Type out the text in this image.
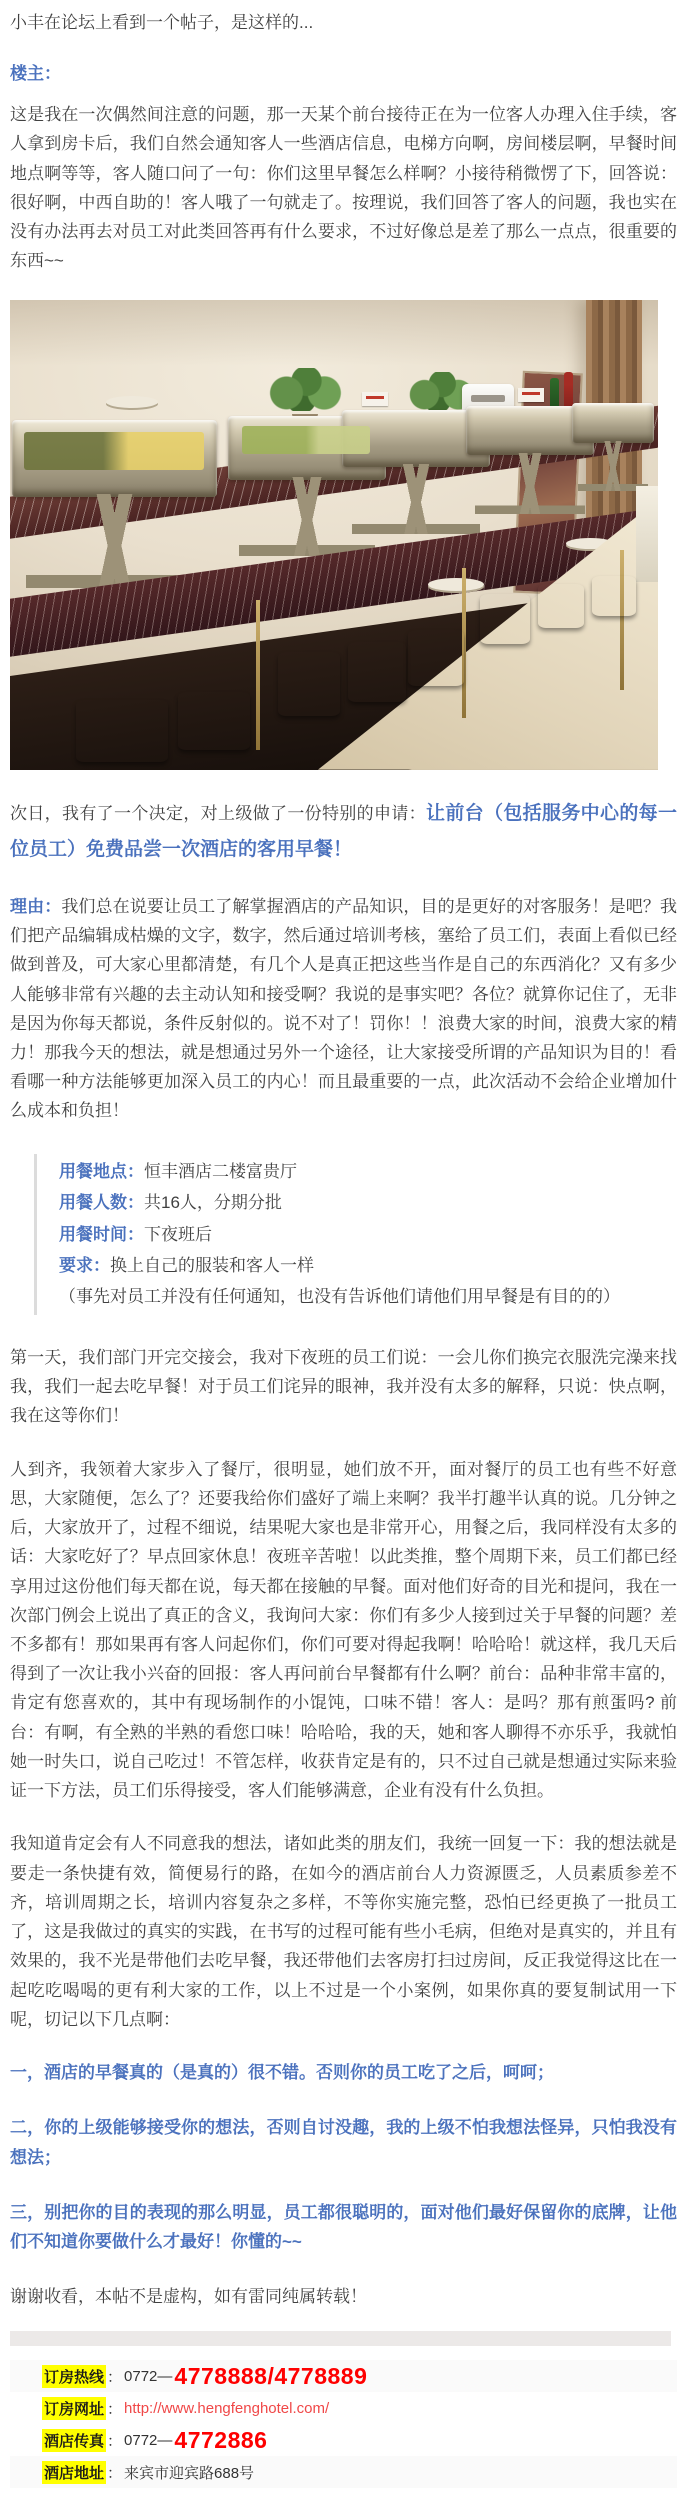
小丰在论坛上看到一个帖子，是这样的...

楼主：

这是我在一次偶然间注意的问题，那一天某个前台接待正在为一位客人办理入住手续，客人拿到房卡后，我们自然会通知客人一些酒店信息，电梯方向啊，房间楼层啊，早餐时间地点啊等等，客人随口问了一句：你们这里早餐怎么样啊？小接待稍微愣了下，回答说：很好啊，中西自助的！客人哦了一句就走了。按理说，我们回答了客人的问题，我也实在没有办法再去对员工对此类回答再有什么要求，不过好像总是差了那么一点点，很重要的东西~~

次日，我有了一个决定，对上级做了一份特别的申请：让前台（包括服务中心的每一位员工）免费品尝一次酒店的客用早餐！

理由：我们总在说要让员工了解掌握酒店的产品知识，目的是更好的对客服务！是吧？我们把产品编辑成枯燥的文字，数字，然后通过培训考核，塞给了员工们，表面上看似已经做到普及，可大家心里都清楚，有几个人是真正把这些当作是自己的东西消化？又有多少人能够非常有兴趣的去主动认知和接受啊？我说的是事实吧？各位？就算你记住了，无非是因为你每天都说，条件反射似的。说不对了！罚你！！浪费大家的时间，浪费大家的精力！那我今天的想法，就是想通过另外一个途径，让大家接受所谓的产品知识为目的！看看哪一种方法能够更加深入员工的内心！而且最重要的一点，此次活动不会给企业增加什么成本和负担！

用餐地点：恒丰酒店二楼富贵厅
用餐人数：共16人，分期分批
用餐时间：下夜班后
要求：换上自己的服装和客人一样
（事先对员工并没有任何通知，也没有告诉他们请他们用早餐是有目的的）

第一天，我们部门开完交接会，我对下夜班的员工们说：一会儿你们换完衣服洗完澡来找我，我们一起去吃早餐！对于员工们诧异的眼神，我并没有太多的解释，只说：快点啊，我在这等你们！

人到齐，我领着大家步入了餐厅，很明显，她们放不开，面对餐厅的员工也有些不好意思，大家随便，怎么了？还要我给你们盛好了端上来啊？我半打趣半认真的说。几分钟之后，大家放开了，过程不细说，结果呢大家也是非常开心，用餐之后，我同样没有太多的话：大家吃好了？早点回家休息！夜班辛苦啦！以此类推，整个周期下来，员工们都已经享用过这份他们每天都在说，每天都在接触的早餐。面对他们好奇的目光和提问，我在一次部门例会上说出了真正的含义，我询问大家：你们有多少人接到过关于早餐的问题？差不多都有！那如果再有客人问起你们，你们可要对得起我啊！哈哈哈！就这样，我几天后得到了一次让我小兴奋的回报：客人再问前台早餐都有什么啊？前台：品种非常丰富的，肯定有您喜欢的，其中有现场制作的小馄饨，口味不错！客人：是吗？那有煎蛋吗? 前台：有啊，有全熟的半熟的看您口味！哈哈哈，我的天，她和客人聊得不亦乐乎，我就怕她一时失口，说自己吃过！不管怎样，收获肯定是有的，只不过自己就是想通过实际来验证一下方法，员工们乐得接受，客人们能够满意，企业有没有什么负担。

我知道肯定会有人不同意我的想法，诸如此类的朋友们，我统一回复一下：我的想法就是要走一条快捷有效，简便易行的路，在如今的酒店前台人力资源匮乏，人员素质参差不齐，培训周期之长，培训内容复杂之多样，不等你实施完整，恐怕已经更换了一批员工了，这是我做过的真实的实践，在书写的过程可能有些小毛病，但绝对是真实的，并且有效果的，我不光是带他们去吃早餐，我还带他们去客房打扫过房间，反正我觉得这比在一起吃吃喝喝的更有利大家的工作，以上不过是一个小案例，如果你真的要复制试用一下呢，切记以下几点啊：

一，酒店的早餐真的（是真的）很不错。否则你的员工吃了之后，呵呵；

二，你的上级能够接受你的想法，否则自讨没趣，我的上级不怕我想法怪异，只怕我没有想法；

三，别把你的目的表现的那么明显，员工都很聪明的，面对他们最好保留你的底牌，让他们不知道你要做什么才最好！你懂的~~

谢谢收看，本帖不是虚构，如有雷同纯属转载！

订房热线 ： 0772— 4778888/4778889
订房网址 ： http://www.hengfenghotel.com/
酒店传真 ： 0772— 4772886
酒店地址 ： 来宾市迎宾路688号
